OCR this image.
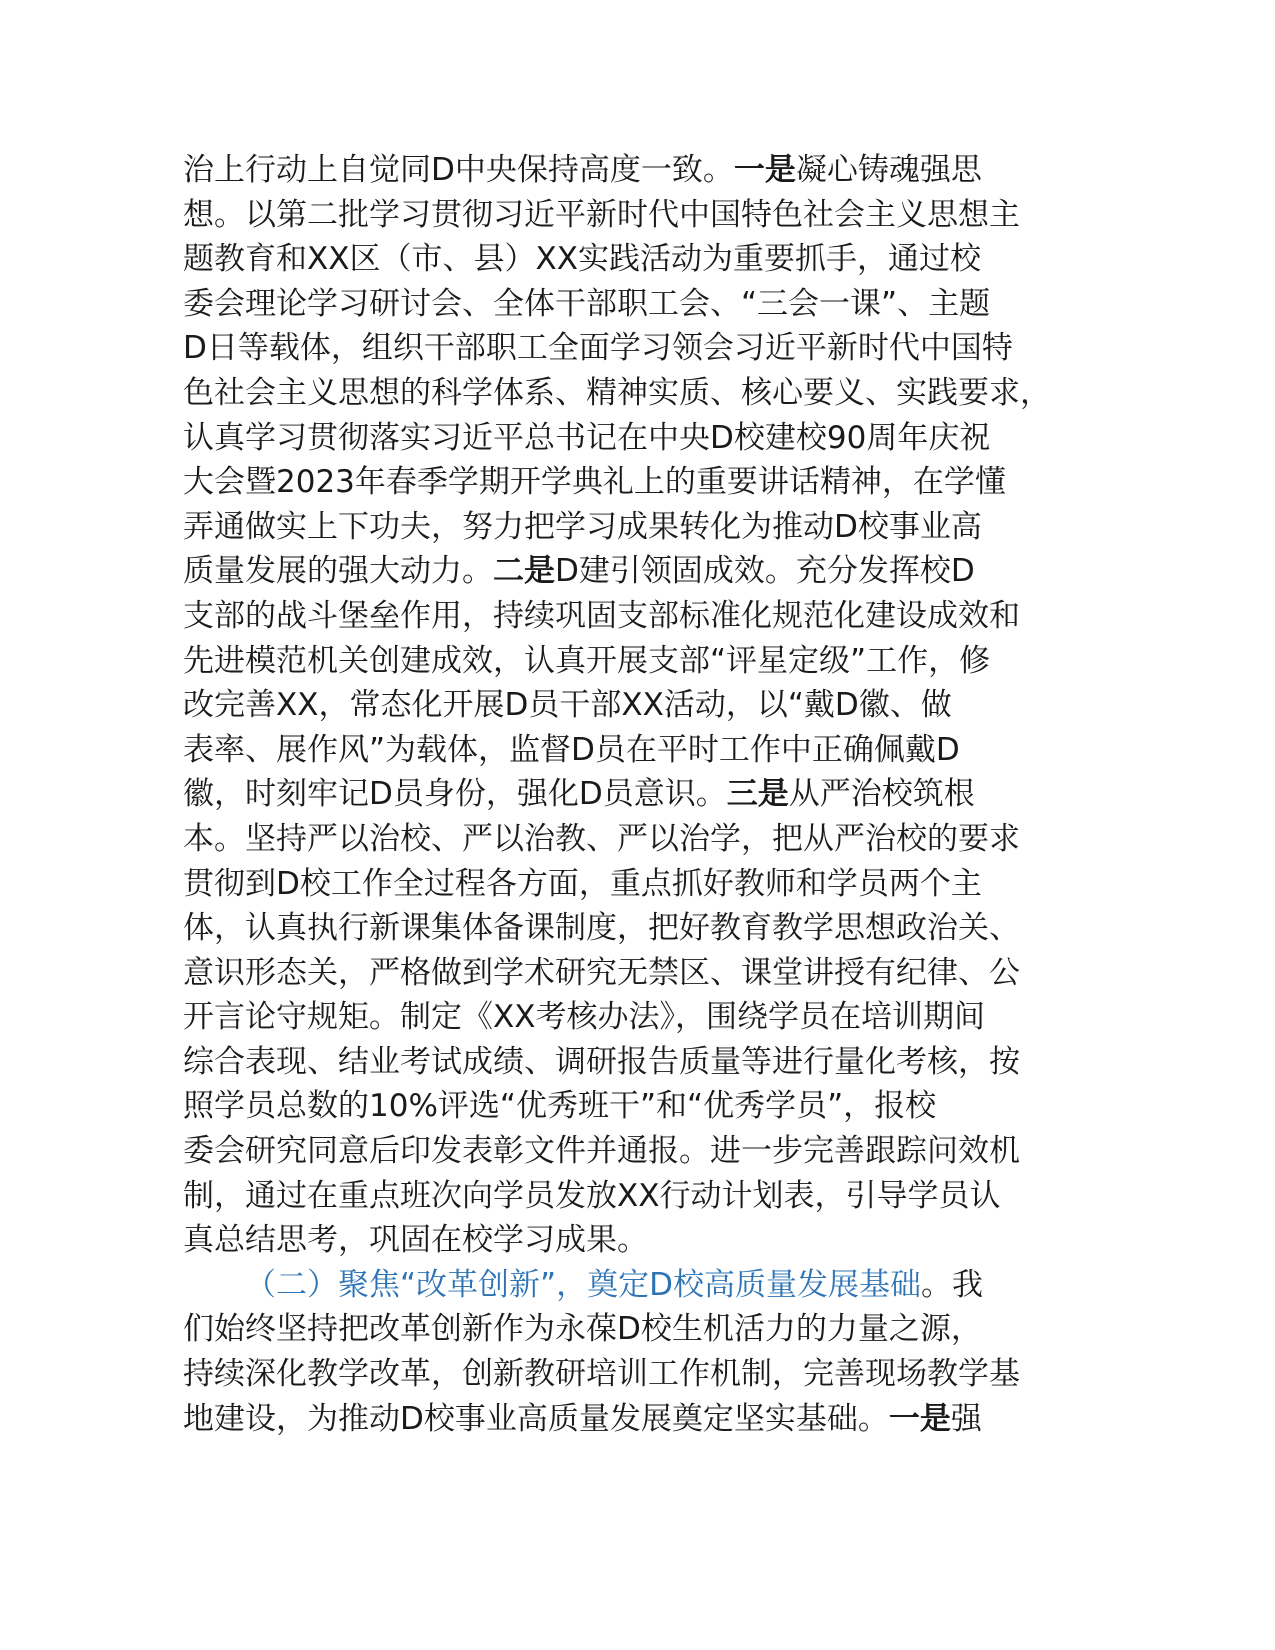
治上行动上自觉同D中央保持高度一致。一是凝心铸魂强思
想。以第二批学习贯彻习近平新时代中国特色社会主义思想主
题教育和XX区（市、县）XX实践活动为重要抓手，通过校
委会理论学习研讨会、全体干部职工会、“三会一课”、主题
D日等载体，组织干部职工全面学习领会习近平新时代中国特
色社会主义思想的科学体系、精神实质、核心要义、实践要求，
认真学习贯彻落实习近平总书记在中央D校建校90周年庆祝
大会暨2023年春季学期开学典礼上的重要讲话精神，在学懂
弄通做实上下功夫，努力把学习成果转化为推动D校事业高
质量发展的强大动力。二是D建引领固成效。充分发挥校D
支部的战斗堡垒作用，持续巩固支部标准化规范化建设成效和
先进模范机关创建成效，认真开展支部“评星定级”工作，修
改完善XX，常态化开展D员干部XX活动，以“戴D徽、做
表率、展作风”为载体，监督D员在平时工作中正确佩戴D
徽，时刻牢记D员身份，强化D员意识。三是从严治校筑根
本。坚持严以治校、严以治教、严以治学，把从严治校的要求
贯彻到D校工作全过程各方面，重点抓好教师和学员两个主
体，认真执行新课集体备课制度，把好教育教学思想政治关、
意识形态关，严格做到学术研究无禁区、课堂讲授有纪律、公
开言论守规矩。制定《XX考核办法》，围绕学员在培训期间
综合表现、结业考试成绩、调研报告质量等进行量化考核，按
照学员总数的10%评选“优秀班干”和“优秀学员”，报校
委会研究同意后印发表彰文件并通报。进一步完善跟踪问效机
制，通过在重点班次向学员发放XX行动计划表，引导学员认
真总结思考，巩固在校学习成果。
（二）聚焦“改革创新”，奠定D校高质量发展基础。我
们始终坚持把改革创新作为永葆D校生机活力的力量之源，
持续深化教学改革，创新教研培训工作机制，完善现场教学基
地建设，为推动D校事业高质量发展奠定坚实基础。一是强
